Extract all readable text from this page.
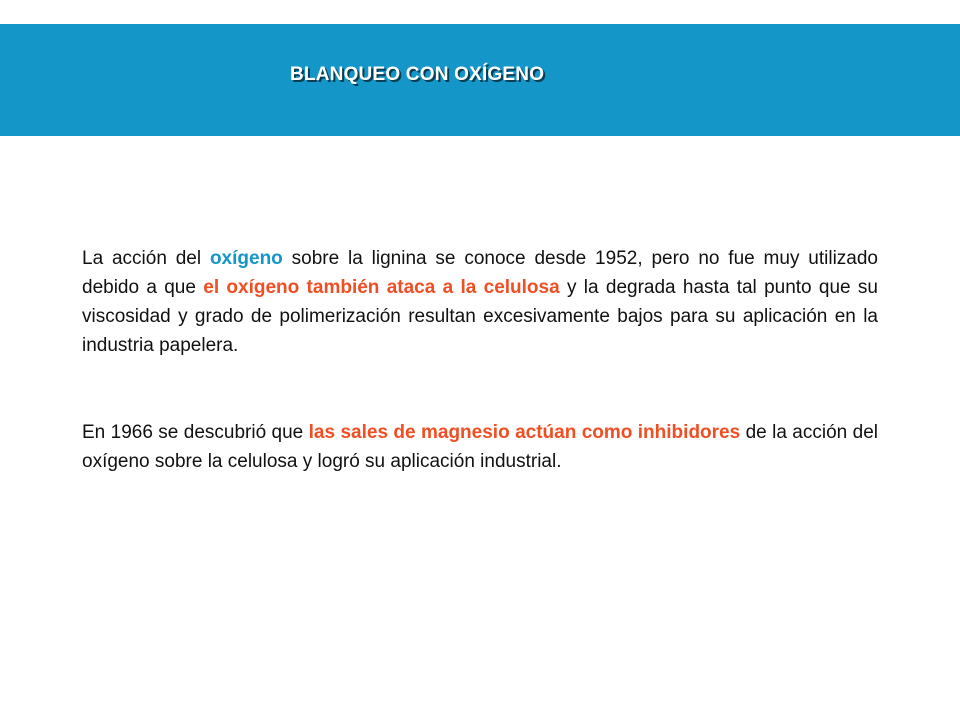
BLANQUEO CON OXÍGENO

La acción del oxígeno sobre la lignina se conoce desde 1952, pero no fue muy utilizado debido a que el oxígeno también ataca a la celulosa y la degrada hasta tal punto que su viscosidad y grado de polimerización resultan excesivamente bajos para su aplicación en la industria papelera.

En 1966 se descubrió que las sales de magnesio actúan como inhibidores de la acción del oxígeno sobre la celulosa y logró su aplicación industrial.
